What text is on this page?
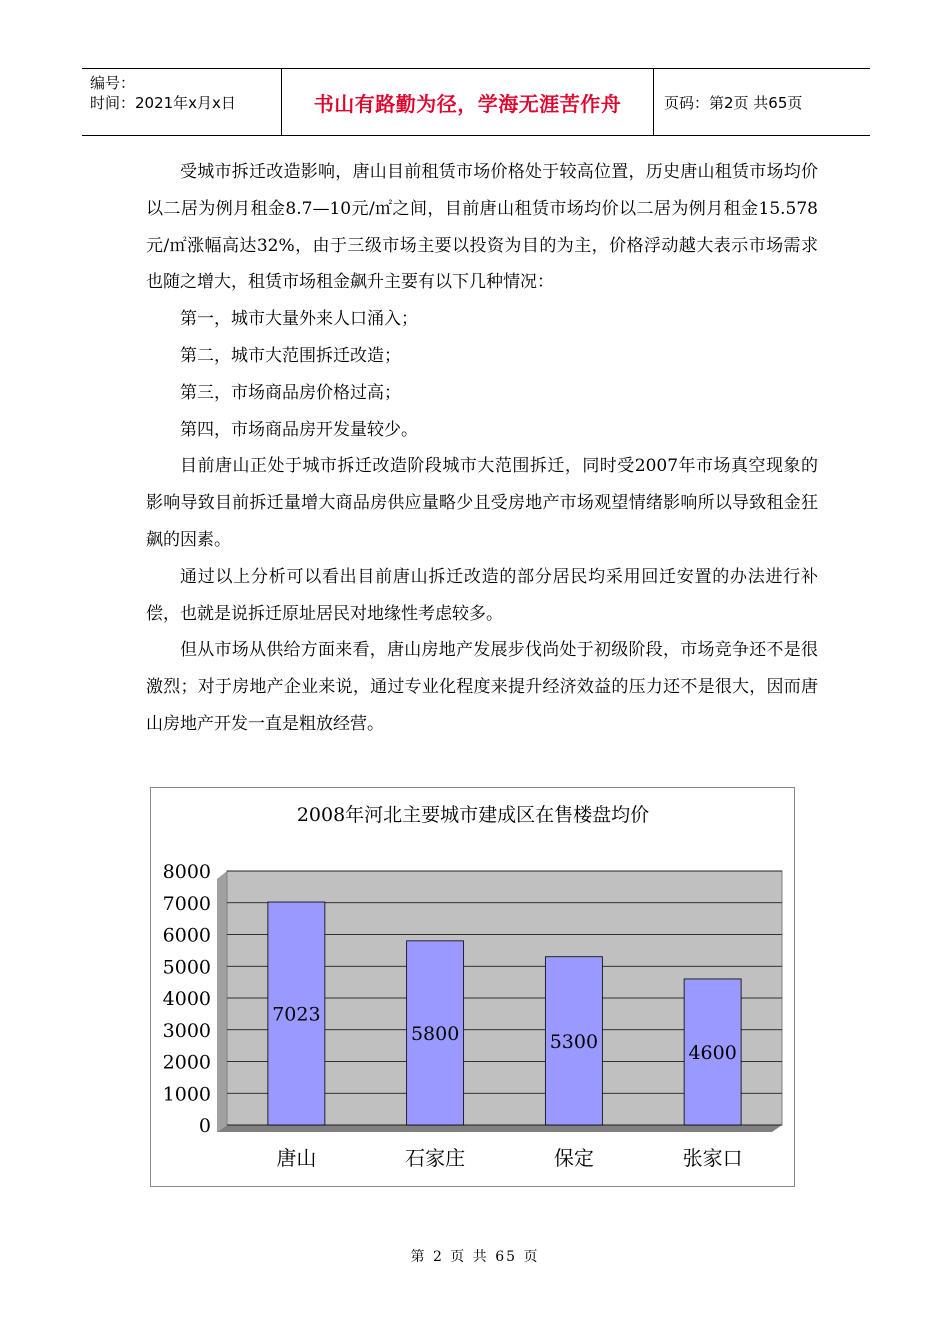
编号：
时间：2021年x月x日	书山有路勤为径，学海无涯苦作舟	页码：第2页 共65页

受城市拆迁改造影响，唐山目前租赁市场价格处于较高位置，历史唐山租赁市场均价以二居为例月租金8.7—10元/㎡之间，目前唐山租赁市场均价以二居为例月租金15.578元/㎡涨幅高达32%，由于三级市场主要以投资为目的为主，价格浮动越大表示市场需求也随之增大，租赁市场租金飙升主要有以下几种情况：

第一，城市大量外来人口涌入；

第二，城市大范围拆迁改造；

第三，市场商品房价格过高；

第四，市场商品房开发量较少。

目前唐山正处于城市拆迁改造阶段城市大范围拆迁，同时受2007年市场真空现象的影响导致目前拆迁量增大商品房供应量略少且受房地产市场观望情绪影响所以导致租金狂飙的因素。

通过以上分析可以看出目前唐山拆迁改造的部分居民均采用回迁安置的办法进行补偿，也就是说拆迁原址居民对地缘性考虑较多。

但从市场从供给方面来看，唐山房地产发展步伐尚处于初级阶段，市场竞争还不是很激烈；对于房地产企业来说，通过专业化程度来提升经济效益的压力还不是很大，因而唐山房地产开发一直是粗放经营。

2008年河北主要城市建成区在售楼盘均价
0
1000
2000
3000
4000
5000
6000
7000
8000
7023
唐山
5800
石家庄
5300
保定
4600
张家口
第 2 页 共 65 页
